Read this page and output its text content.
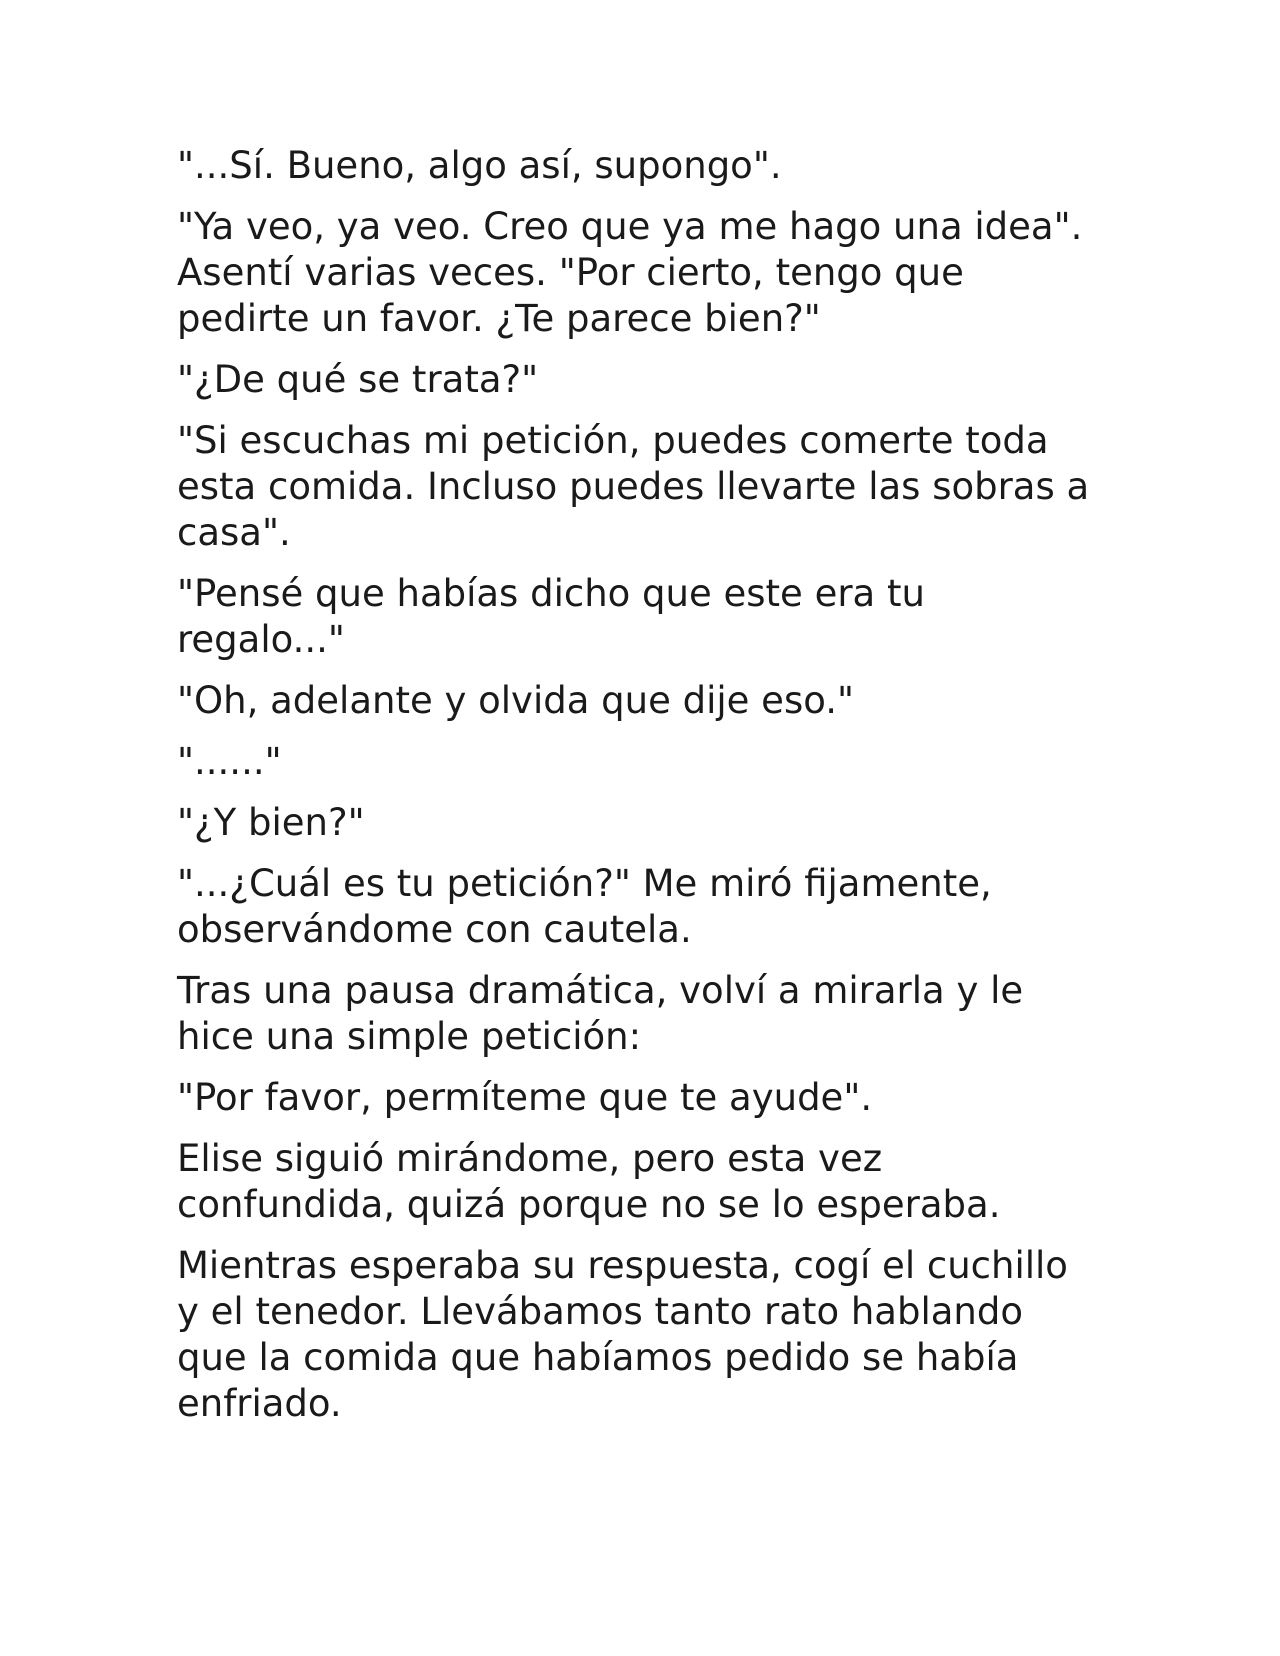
"...Sí. Bueno, algo así, supongo".

"Ya veo, ya veo. Creo que ya me hago una idea". Asentí varias veces. "Por cierto, tengo que pedirte un favor. ¿Te parece bien?"

"¿De qué se trata?"

"Si escuchas mi petición, puedes comerte toda esta comida. Incluso puedes llevarte las sobras a casa".

"Pensé que habías dicho que este era tu regalo..."

"Oh, adelante y olvida que dije eso."

"......"

"¿Y bien?"

"...¿Cuál es tu petición?" Me miró fijamente, observándome con cautela.

Tras una pausa dramática, volví a mirarla y le hice una simple petición:

"Por favor, permíteme que te ayude".

Elise siguió mirándome, pero esta vez confundida, quizá porque no se lo esperaba.

Mientras esperaba su respuesta, cogí el cuchillo y el tenedor. Llevábamos tanto rato hablando que la comida que habíamos pedido se había enfriado.
